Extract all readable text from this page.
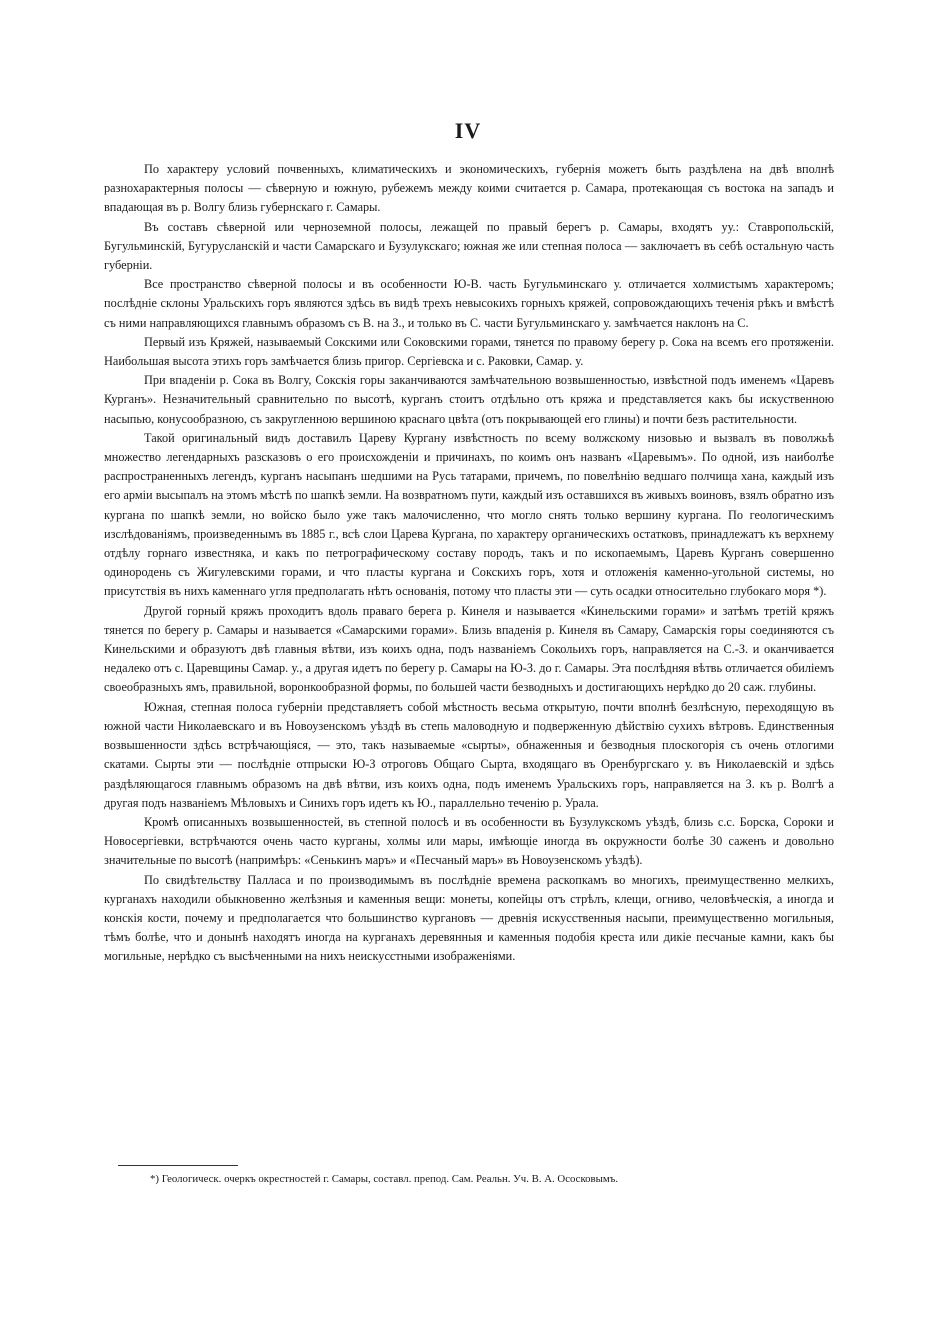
IV

По характеру условий почвенныхъ, климатическихъ и экономическихъ, губернія можетъ быть раздѣлена на двѣ вполнѣ разнохарактерныя полосы — сѣверную и южную, рубежемъ между коими считается р. Самара, протекающая съ востока на западъ и впадающая въ р. Волгу близь губернскаго г. Самары.

Въ составъ сѣверной или черноземной полосы, лежащей по правый берегъ р. Самары, входятъ уу.: Ставропольскій, Бугульминскій, Бугурусланскій и части Самарскаго и Бузулукскаго; южная же или степная полоса — заключаетъ въ себѣ остальную часть губерніи.

Все пространство сѣверной полосы и въ особенности Ю-В. часть Бугульминскаго у. отличается холмистымъ характеромъ; послѣдніе склоны Уральскихъ горъ являются здѣсь въ видѣ трехъ невысокихъ горныхъ кряжей, сопровождающихъ теченія рѣкъ и вмѣстѣ съ ними направляющихся главнымъ образомъ съ В. на З., и только въ С. части Бугульминскаго у. замѣчается наклонъ на С.

Первый изъ Кряжей, называемый Сокскими или Соковскими горами, тянется по правому берегу р. Сока на всемъ его протяженіи. Наибольшая высота этихъ горъ замѣчается близь пригор. Сергіевска и с. Раковки, Самар. у.

При впаденіи р. Сока въ Волгу, Сокскія горы заканчиваются замѣчательною возвышенностью, извѣстной подъ именемъ «Царевъ Курганъ». Незначительный сравнительно по высотѣ, курганъ стоитъ отдѣльно отъ кряжа и представляется какъ бы искуственною насыпью, конусообразною, съ закругленною вершиною краснаго цвѣта (отъ покрывающей его глины) и почти безъ растительности.

Такой оригинальный видъ доставилъ Цареву Кургану извѣстность по всему волжскому низовью и вызвалъ въ поволжьѣ множество легендарныхъ разсказовъ о его происхожденіи и причинахъ, по коимъ онъ названъ «Царевымъ». По одной, изъ наиболѣе распространенныхъ легендъ, курганъ насыпанъ шедшими на Русь татарами, причемъ, по повелѣнію ведшаго полчища хана, каждый изъ его арміи высыпалъ на этомъ мѣстѣ по шапкѣ земли. На возвратномъ пути, каждый изъ оставшихся въ живыхъ воиновъ, взялъ обратно изъ кургана по шапкѣ земли, но войско было уже такъ малочисленно, что могло снять только вершину кургана. По геологическимъ изслѣдованіямъ, произведеннымъ въ 1885 г., всѣ слои Царева Кургана, по характеру органическихъ остатковъ, принадлежатъ къ верхнему отдѣлу горнаго известняка, и какъ по петрографическому составу породъ, такъ и по ископаемымъ, Царевъ Курганъ совершенно одинородень съ Жигулевскими горами, и что пласты кургана и Сокскихъ горъ, хотя и отложенія каменно-угольной системы, но присутствія въ нихъ каменнаго угля предполагать нѣтъ основанія, потому что пласты эти — суть осадки относительно глубокаго моря *).

Другой горный кряжъ проходитъ вдоль праваго берега р. Кинеля и называется «Кинельскими горами» и затѣмъ третій кряжъ тянется по берегу р. Самары и называется «Самарскими горами». Близь впаденія р. Кинеля въ Самару, Самарскія горы соединяются съ Кинельскими и образуютъ двѣ главныя вѣтви, изъ коихъ одна, подъ названіемъ Сокольихъ горъ, направляется на С.-З. и оканчивается недалеко отъ с. Царевщины Самар. у., а другая идетъ по берегу р. Самары на Ю-З. до г. Самары. Эта послѣдняя вѣтвь отличается обиліемъ своеобразныхъ ямъ, правильной, воронкообразной формы, по большей части безводныхъ и достигающихъ нерѣдко до 20 саж. глубины.

Южная, степная полоса губерніи представляетъ собой мѣстность весьма открытую, почти вполнѣ безлѣсную, переходящую въ южной части Николаевскаго и въ Новоузенскомъ уѣздѣ въ степь маловодную и подверженную дѣйствію сухихъ вѣтровъ. Единственныя возвышенности здѣсь встрѣчающіяся, — это, такъ называемые «сырты», обнаженныя и безводныя плоскогорія съ очень отлогими скатами. Сырты эти — послѣдніе отпрыски Ю-З отроговъ Общаго Сырта, входящаго въ Оренбургскаго у. въ Николаевскій и здѣсь раздѣляющагося главнымъ образомъ на двѣ вѣтви, изъ коихъ одна, подъ именемъ Уральскихъ горъ, направляется на З. къ р. Волгѣ а другая подъ названіемъ Мѣловыхъ и Синихъ горъ идетъ къ Ю., параллельно теченію р. Урала.

Кромѣ описанныхъ возвышенностей, въ степной полосѣ и въ особенности въ Бузулукскомъ уѣздѣ, близь с.с. Борска, Сороки и Новосергіевки, встрѣчаются очень часто курганы, холмы или мары, имѣющіе иногда въ окружности болѣе 30 саженъ и довольно значительные по высотѣ (напримѣръ: «Сенькинъ маръ» и «Песчаный маръ» въ Новоузенскомъ уѣздѣ).

По свидѣтельству Палласа и по производимымъ въ послѣдніе времена раскопкамъ во многихъ, преимущественно мелкихъ, курганахъ находили обыкновенно желѣзныя и каменныя вещи: монеты, копейцы отъ стрѣлъ, клещи, огниво, человѣческія, а иногда и конскія кости, почему и предполагается что большинство кургановъ — древнія искусственныя насыпи, преимущественно могильныя, тѣмъ болѣе, что и донынѣ находятъ иногда на курганахъ деревянныя и каменныя подобія креста или дикіе песчаные камни, какъ бы могильные, нерѣдко съ высѣченными на нихъ неискусстными изображеніями.

*) Геологическ. очеркъ окрестностей г. Самары, составл. препод. Сам. Реальн. Уч. В. А. Ососковымъ.
